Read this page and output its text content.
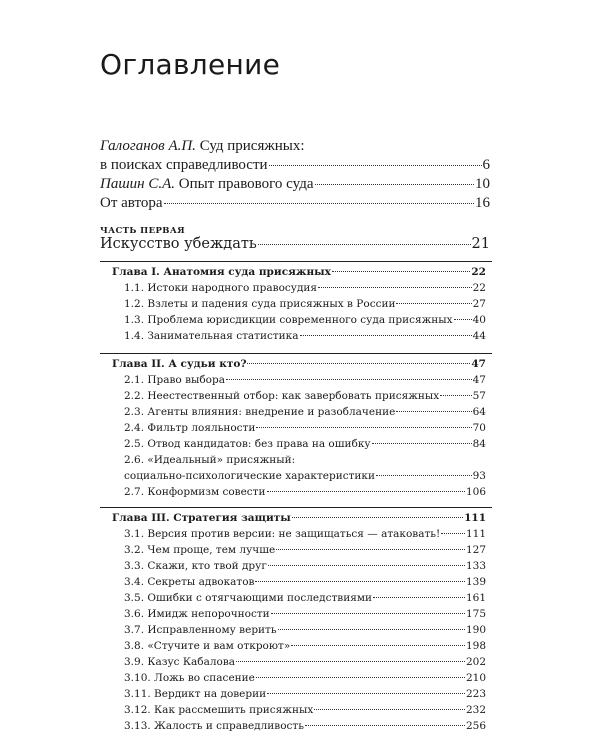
Оглавление
Галоганов А.П. Суд присяжных:
в поисках справедливости	6
Пашин С.А. Опыт правового суда	10
От автора	16
ЧАСТЬ ПЕРВАЯ
Искусство убеждать	21
Глава I. Анатомия суда присяжных	22
1.1. Истоки народного правосудия	22
1.2. Взлеты и падения суда присяжных в России	27
1.3. Проблема юрисдикции современного суда присяжных 40
1.4. Занимательная статистика	44
Глава II. А судьи кто?	47
2.1. Право выбора	47
2.2. Неестественный отбор: как завербовать присяжных	57
2.3. Агенты влияния: внедрение и разоблачение	64
2.4. Фильтр лояльности	70
2.5. Отвод кандидатов: без права на ошибку	84
2.6. «Идеальный» присяжный:
социально-психологические характеристики	93
2.7. Конформизм совести	106
Глава III. Стратегия защиты	111
3.1. Версия против версии: не защищаться — атаковать! 111
3.2. Чем проще, тем лучше	127
3.3. Скажи, кто твой друг	133
3.4. Секреты адвокатов	139
3.5. Ошибки с отягчающими последствиями	161
3.6. Имидж непорочности	175
3.7. Исправленному верить	190
3.8. «Стучите и вам откроют»	198
3.9. Казус Кабалова	202
3.10. Ложь во спасение	210
3.11. Вердикт на доверии	223
3.12. Как рассмешить присяжных	232
3.13. Жалость и справедливость	256
